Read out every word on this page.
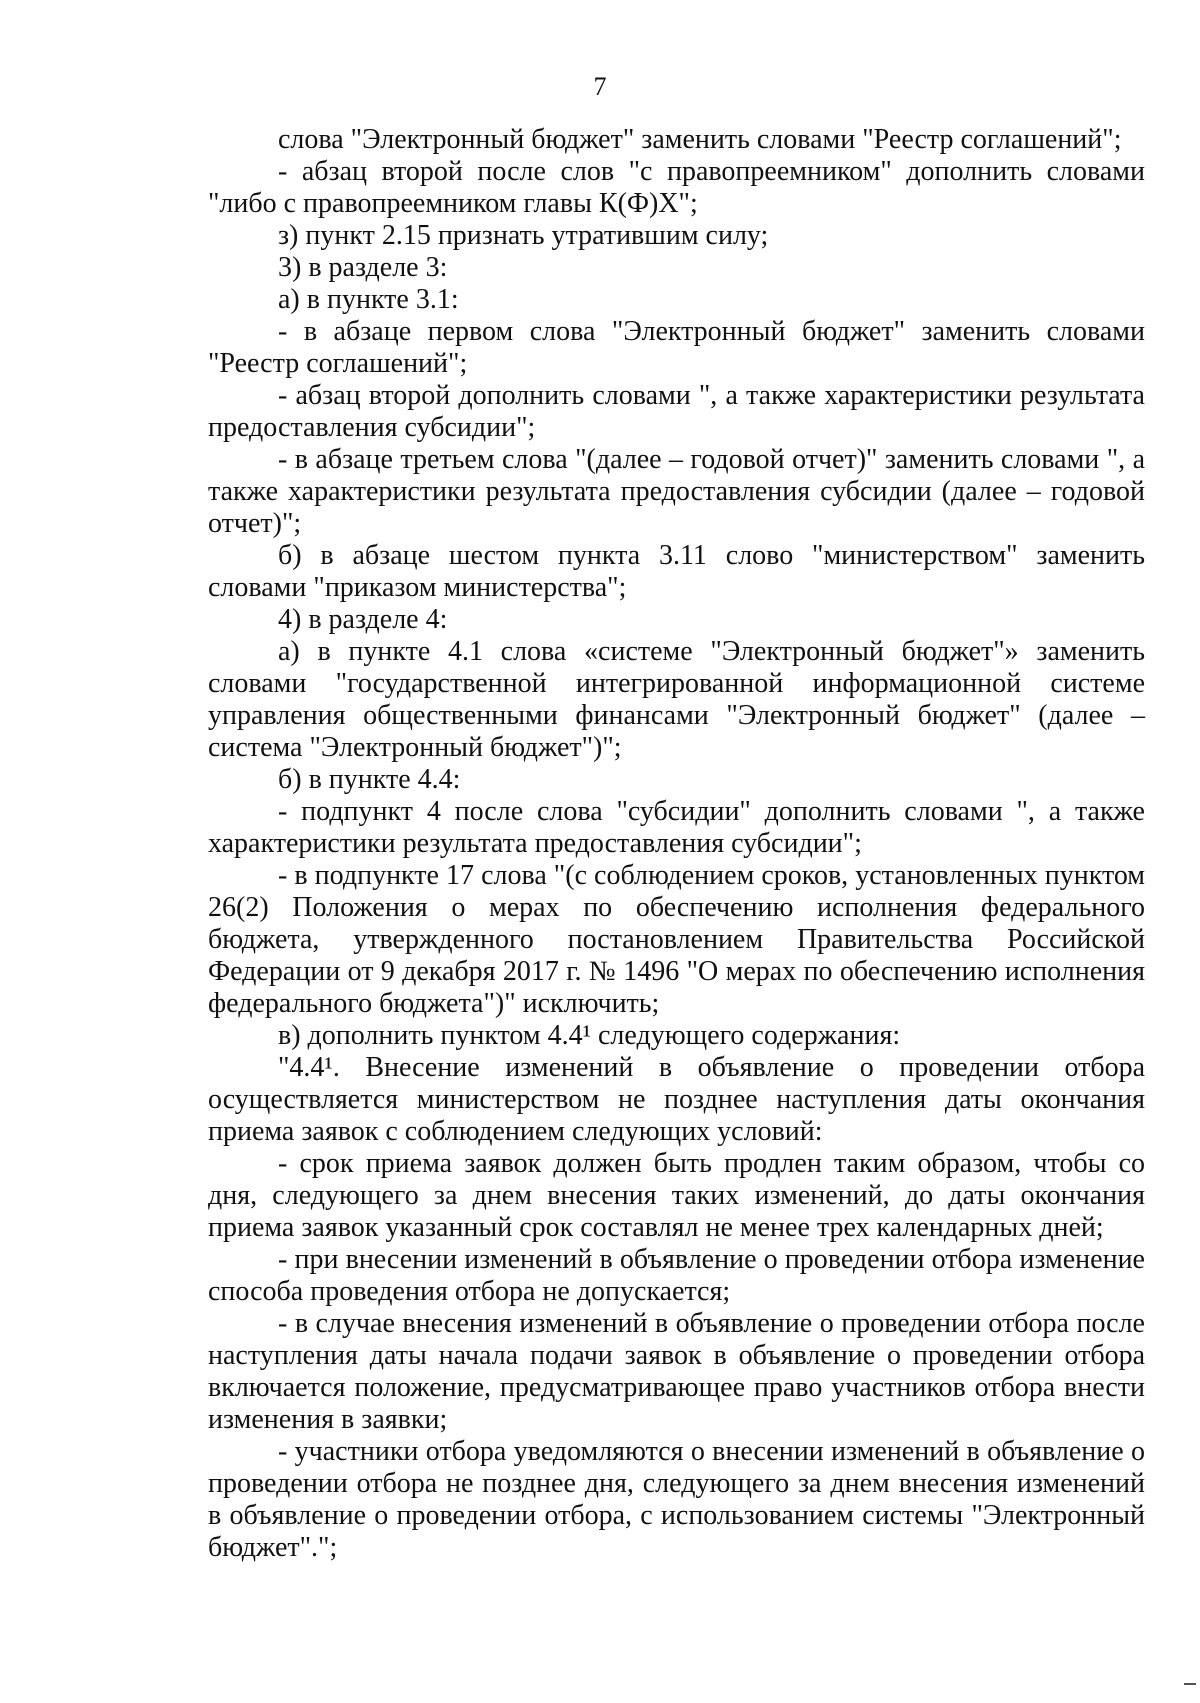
7

слова "Электронный бюджет" заменить словами "Реестр соглашений";

- абзац второй после слов "с правопреемником" дополнить словами "либо с правопреемником главы К(Ф)Х";

з) пункт 2.15 признать утратившим силу;

3) в разделе 3:

а) в пункте 3.1:

- в абзаце первом слова "Электронный бюджет" заменить словами "Реестр соглашений";

- абзац второй дополнить словами ", а также характеристики результата предоставления субсидии";

- в абзаце третьем слова "(далее – годовой отчет)" заменить словами ", а также характеристики результата предоставления субсидии (далее – годовой отчет)";

б) в абзаце шестом пункта 3.11 слово "министерством" заменить словами "приказом министерства";

4) в разделе 4:

а) в пункте 4.1 слова «системе "Электронный бюджет"» заменить словами "государственной интегрированной информационной системе управления общественными финансами "Электронный бюджет" (далее – система "Электронный бюджет")";

б) в пункте 4.4:

- подпункт 4 после слова "субсидии" дополнить словами ", а также характеристики результата предоставления субсидии";

- в подпункте 17 слова "(с соблюдением сроков, установленных пунктом 26(2) Положения о мерах по обеспечению исполнения федерального бюджета, утвержденного постановлением Правительства Российской Федерации от 9 декабря 2017 г. № 1496 "О мерах по обеспечению исполнения федерального бюджета")" исключить;

в) дополнить пунктом 4.4¹ следующего содержания:

"4.4¹. Внесение изменений в объявление о проведении отбора осуществляется министерством не позднее наступления даты окончания приема заявок с соблюдением следующих условий:

- срок приема заявок должен быть продлен таким образом, чтобы со дня, следующего за днем внесения таких изменений, до даты окончания приема заявок указанный срок составлял не менее трех календарных дней;

- при внесении изменений в объявление о проведении отбора изменение способа проведения отбора не допускается;

- в случае внесения изменений в объявление о проведении отбора после наступления даты начала подачи заявок в объявление о проведении отбора включается положение, предусматривающее право участников отбора внести изменения в заявки;

- участники отбора уведомляются о внесении изменений в объявление о проведении отбора не позднее дня, следующего за днем внесения изменений в объявление о проведении отбора, с использованием системы "Электронный бюджет".";
